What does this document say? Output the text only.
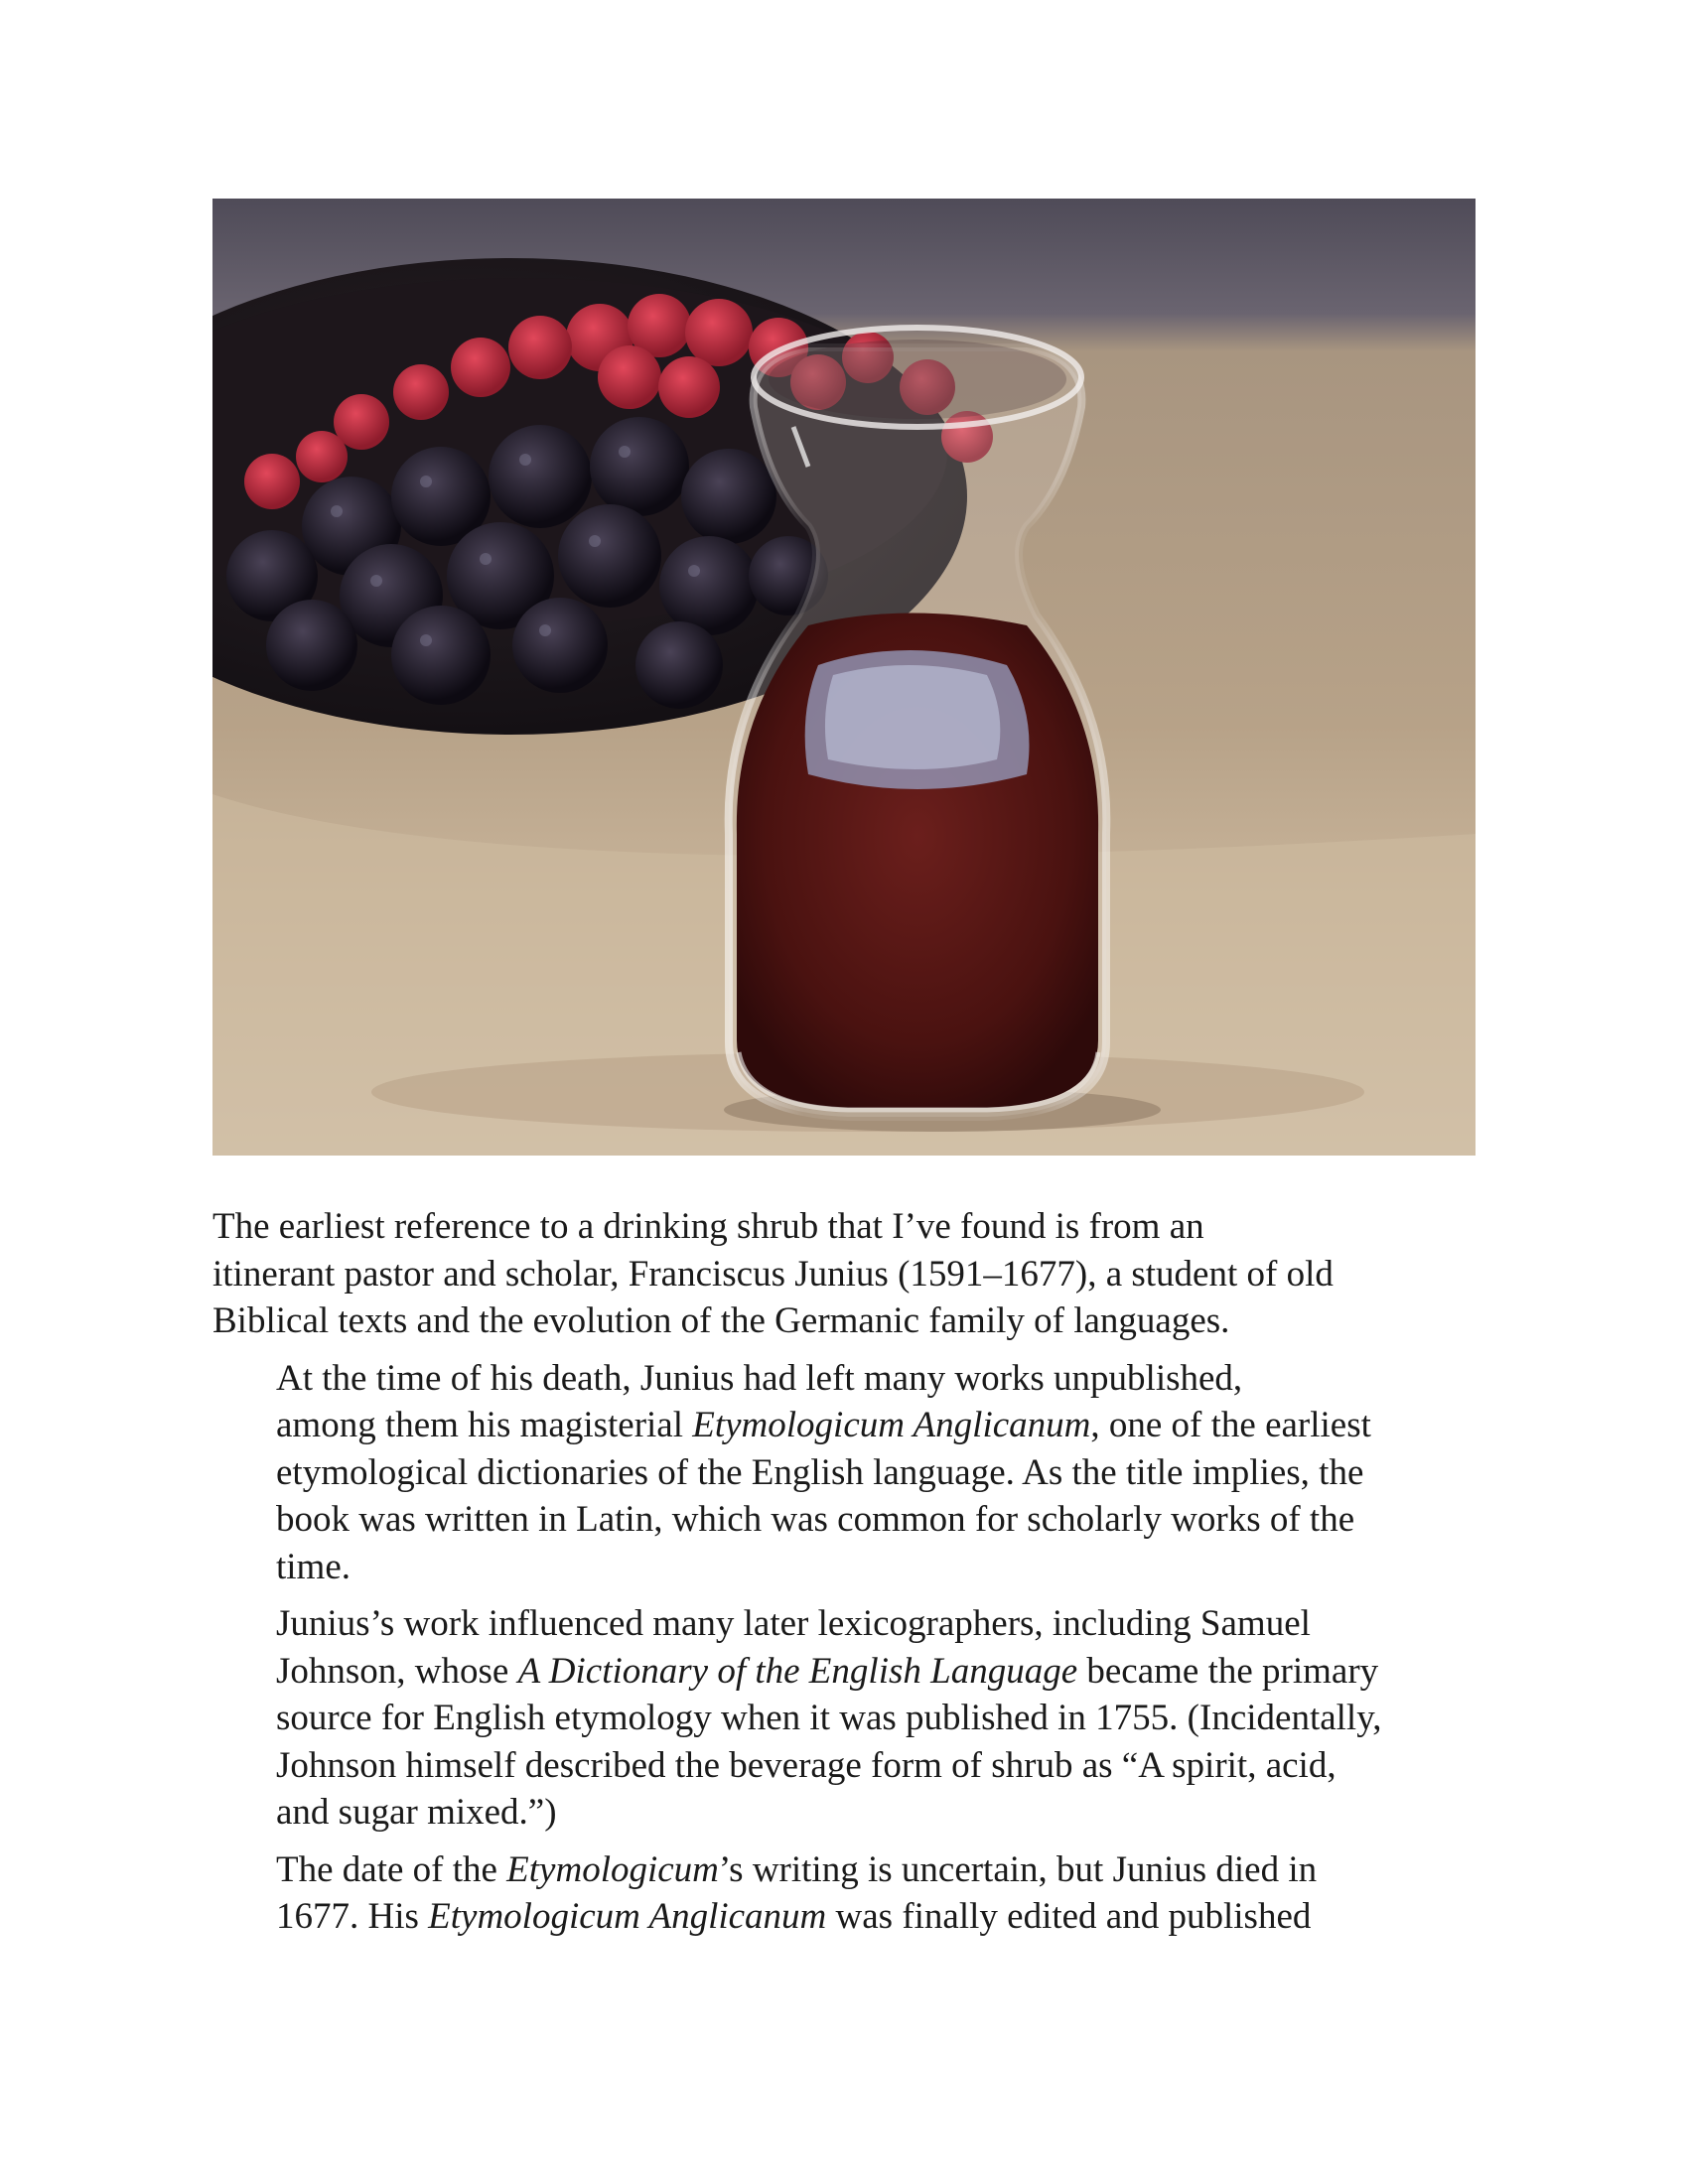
The earliest reference to a drinking shrub that I’ve found is from an
itinerant pastor and scholar, Franciscus Junius (1591–1677), a student of old
Biblical texts and the evolution of the Germanic family of languages.

At the time of his death, Junius had left many works unpublished,
among them his magisterial Etymologicum Anglicanum, one of the earliest
etymological dictionaries of the English language. As the title implies, the
book was written in Latin, which was common for scholarly works of the
time.

Junius’s work influenced many later lexicographers, including Samuel
Johnson, whose A Dictionary of the English Language became the primary
source for English etymology when it was published in 1755. (Incidentally,
Johnson himself described the beverage form of shrub as “A spirit, acid,
and sugar mixed.”)

The date of the Etymologicum’s writing is uncertain, but Junius died in
1677. His Etymologicum Anglicanum was finally edited and published
